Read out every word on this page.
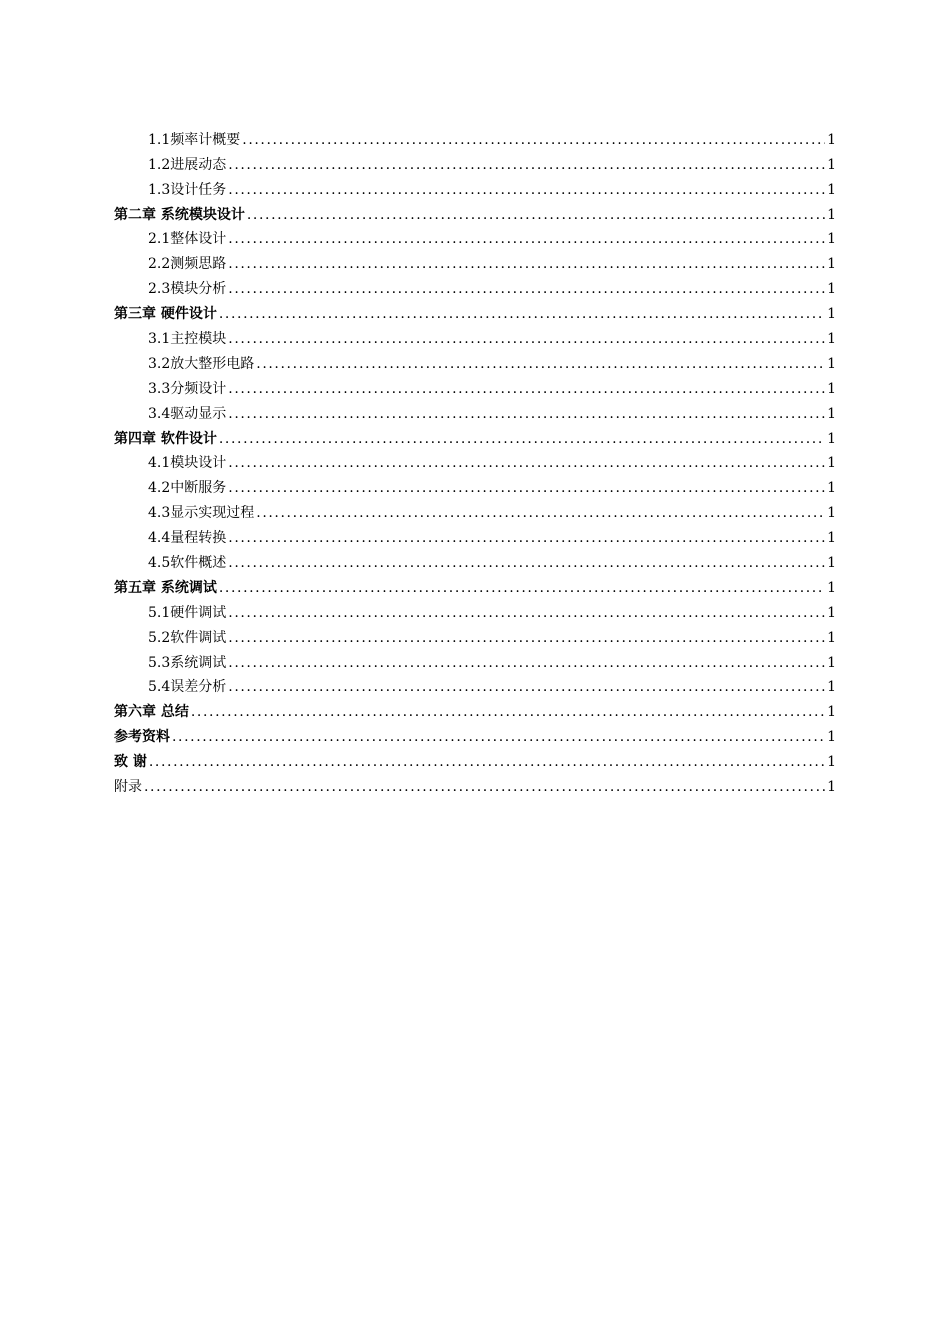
1.1频率计概要 .....	1
1.2进展动态 .....	1
1.3设计任务 .....	1
第二章 系统模块设计 .....	1
2.1整体设计 .....	1
2.2测频思路 .....	1
2.3模块分析 .....	1
第三章 硬件设计 .....	1
3.1主控模块 .....	1
3.2放大整形电路 .....	1
3.3分频设计 .....	1
3.4驱动显示 .....	1
第四章 软件设计 .....	1
4.1模块设计 .....	1
4.2中断服务 .....	1
4.3显示实现过程 .....	1
4.4量程转换 .....	1
4.5软件概述 .....	1
第五章 系统调试 .....	1
5.1硬件调试 .....	1
5.2软件调试 .....	1
5.3系统调试 .....	1
5.4误差分析 .....	1
第六章 总结 .....	1
参考资料 .....	1
致 谢 .....	1
附录 .....	1
